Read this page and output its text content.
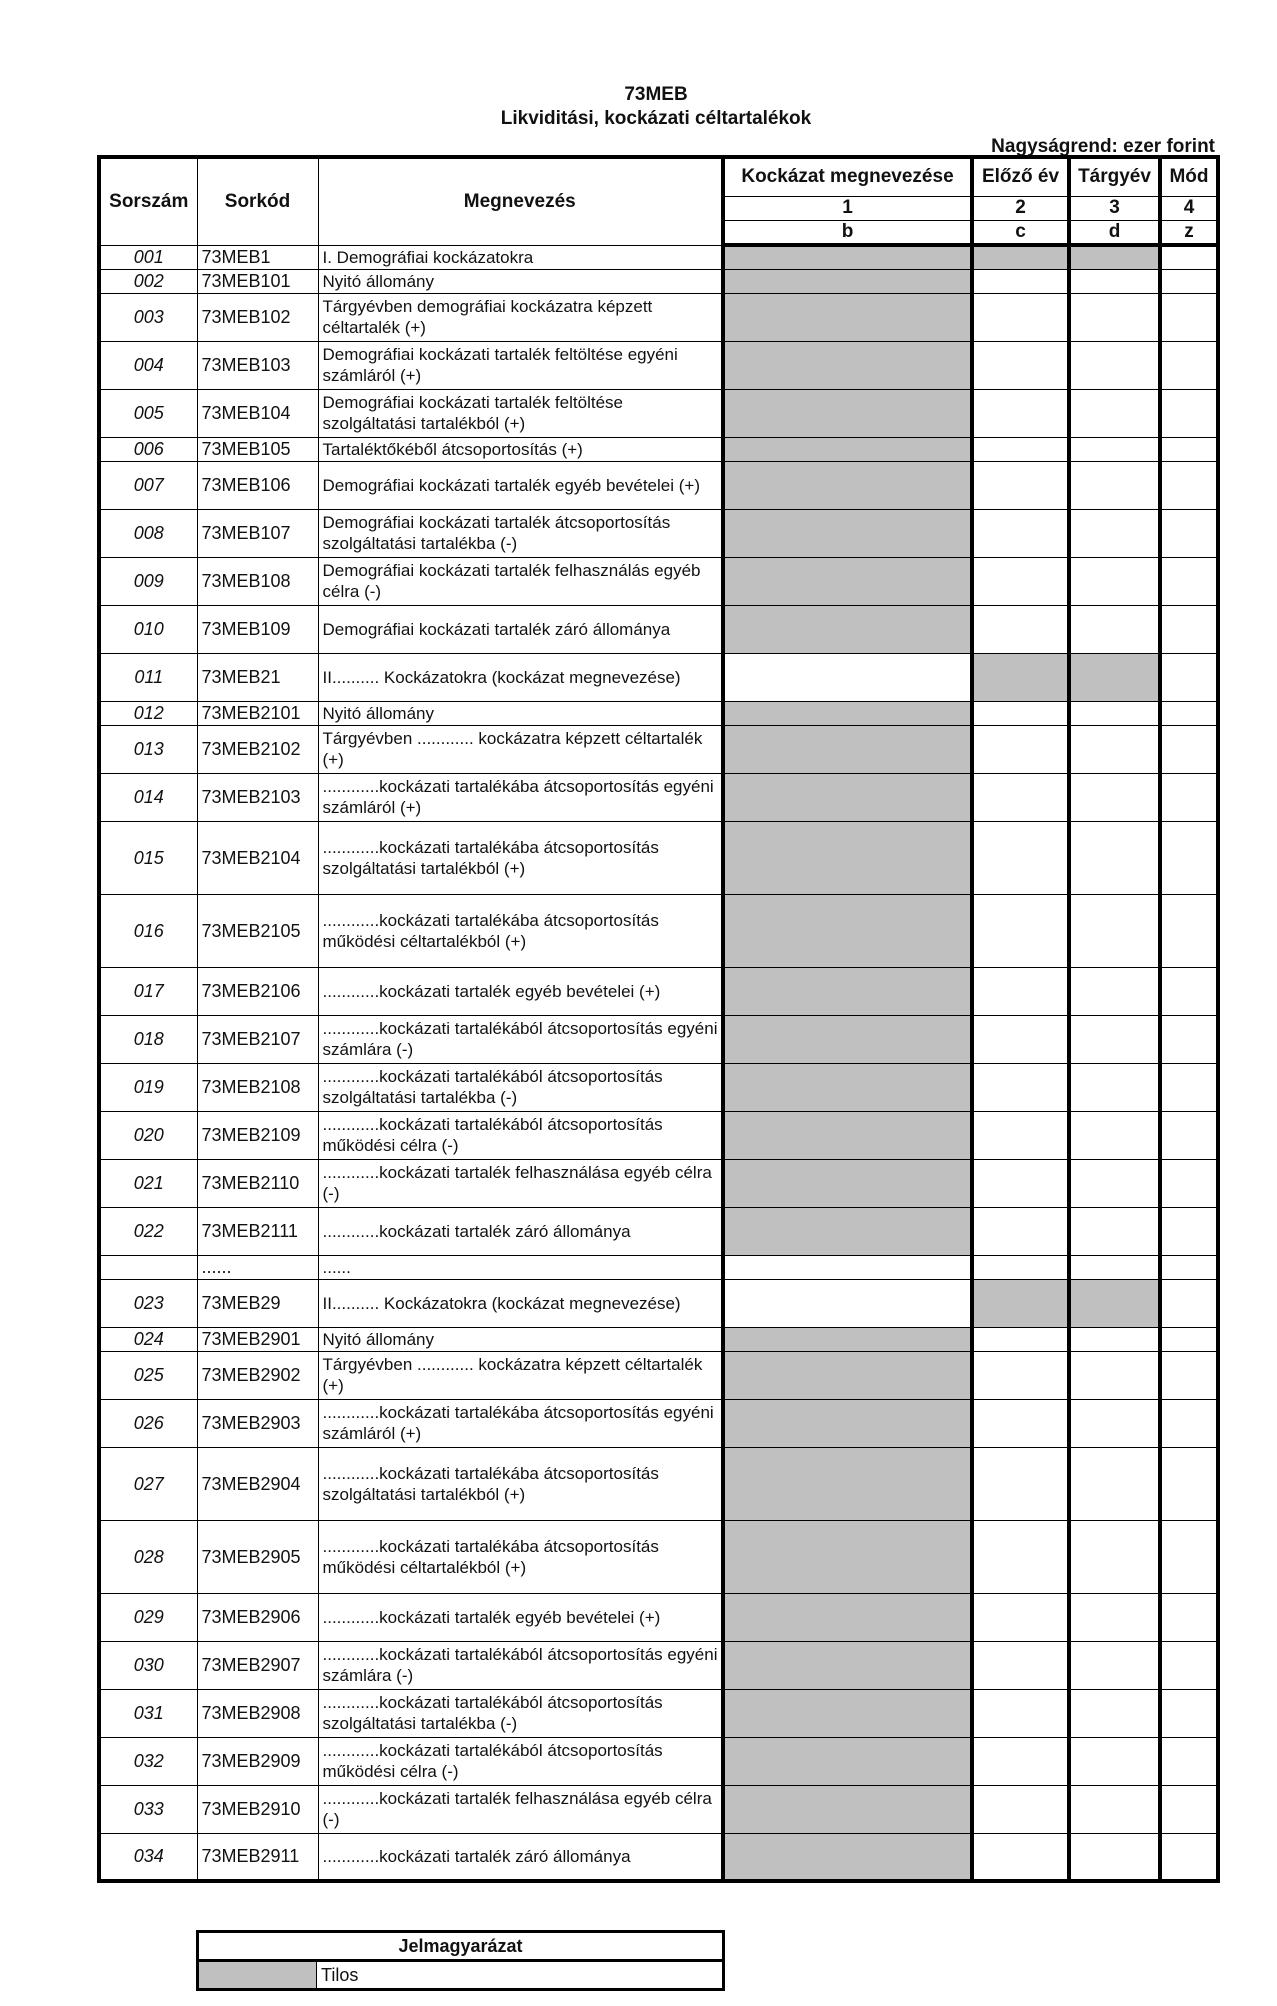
73MEB
Likviditási, kockázati céltartalékok
Nagyságrend: ezer forint
Sorszám	Sorkód	Megnevezés	Kockázat megnevezése	Előző év	Tárgyév	Mód
			1	2	3	4
			b	c	d	z
001	73MEB1	I. Demográfiai kockázatokra				
002	73MEB101	Nyitó állomány				
003	73MEB102	Tárgyévben demográfiai kockázatra képzett céltartalék (+)				
004	73MEB103	Demográfiai kockázati tartalék feltöltése egyéni számláról (+)				
005	73MEB104	Demográfiai kockázati tartalék feltöltése szolgáltatási tartalékból (+)				
006	73MEB105	Tartaléktőkéből átcsoportosítás (+)				
007	73MEB106	Demográfiai kockázati tartalék egyéb bevételei (+)				
008	73MEB107	Demográfiai kockázati tartalék átcsoportosítás szolgáltatási tartalékba (-)				
009	73MEB108	Demográfiai kockázati tartalék felhasználás egyéb célra (-)				
010	73MEB109	Demográfiai kockázati tartalék záró állománya				
011	73MEB21	II.......... Kockázatokra (kockázat megnevezése)				
012	73MEB2101	Nyitó állomány				
013	73MEB2102	Tárgyévben ............ kockázatra képzett céltartalék (+)				
014	73MEB2103	............kockázati tartalékába átcsoportosítás egyéni számláról (+)				
015	73MEB2104	............kockázati tartalékába átcsoportosítás szolgáltatási tartalékból (+)				
016	73MEB2105	............kockázati tartalékába átcsoportosítás működési céltartalékból (+)				
017	73MEB2106	............kockázati tartalék egyéb bevételei (+)				
018	73MEB2107	............kockázati tartalékából átcsoportosítás egyéni számlára (-)				
019	73MEB2108	............kockázati tartalékából átcsoportosítás szolgáltatási tartalékba (-)				
020	73MEB2109	............kockázati tartalékából átcsoportosítás működési célra (-)				
021	73MEB2110	............kockázati tartalék felhasználása egyéb célra (-)				
022	73MEB2111	............kockázati tartalék záró állománya				
	......	......				
023	73MEB29	II.......... Kockázatokra (kockázat megnevezése)				
024	73MEB2901	Nyitó állomány				
025	73MEB2902	Tárgyévben ............ kockázatra képzett céltartalék (+)				
026	73MEB2903	............kockázati tartalékába átcsoportosítás egyéni számláról (+)				
027	73MEB2904	............kockázati tartalékába átcsoportosítás szolgáltatási tartalékból (+)				
028	73MEB2905	............kockázati tartalékába átcsoportosítás működési céltartalékból (+)				
029	73MEB2906	............kockázati tartalék egyéb bevételei (+)				
030	73MEB2907	............kockázati tartalékából átcsoportosítás egyéni számlára (-)				
031	73MEB2908	............kockázati tartalékából átcsoportosítás szolgáltatási tartalékba (-)				
032	73MEB2909	............kockázati tartalékából átcsoportosítás működési célra (-)				
033	73MEB2910	............kockázati tartalék felhasználása egyéb célra (-)				
034	73MEB2911	............kockázati tartalék záró állománya				
Jelmagyarázat
	Tilos
